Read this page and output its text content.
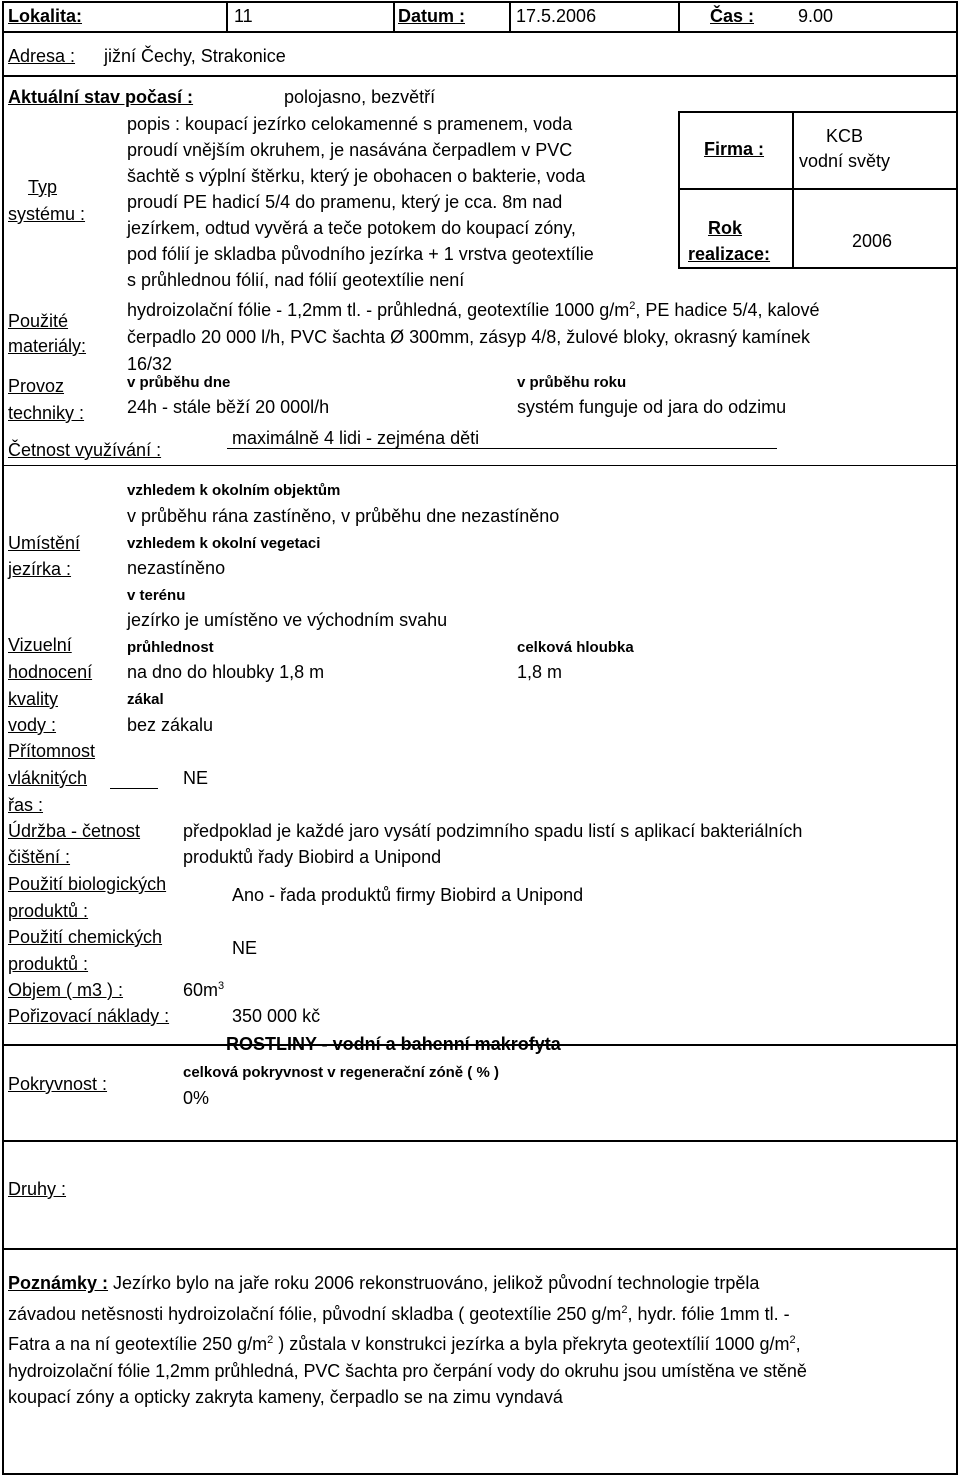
Lokalita:	11	Datum :	17.5.2006	Čas : 9.00
Adresa : jižní Čechy, Strakonice
Aktuální stav počasí :	polojasno, bezvětří
Typ
systému :
popis : koupací jezírko celokamenné s pramenem, voda
proudí vnějším okruhem, je nasávána čerpadlem v PVC
šachtě s výplní štěrku, který je obohacen o bakterie, voda
proudí PE hadicí 5/4 do pramenu, který je cca. 8m nad
jezírkem, odtud vyvěrá a teče potokem do koupací zóny,
pod fólií je skladba původního jezírka + 1 vrstva geotextílie
s průhlednou fólií, nad fólií geotextílie není
Firma :
KCB
vodní světy
Rok
realizace:
2006
Použité
materiály:
hydroizolační fólie - 1,2mm tl. - průhledná, geotextílie 1000 $g/m^2$, PE hadice 5/4, kalové
čerpadlo 20 000 l/h, PVC šachta Ø 300mm, zásyp 4/8, žulové bloky, okrasný kamínek
16/32
Provoz
techniky :
v průběhu dne
24h - stále běží 20 000l/h
v průběhu roku
systém funguje od jara do odzimu
Četnost využívání :
maximálně 4 lidi - zejména děti
Umístění
jezírka :
vzhledem k okolním objektům
v průběhu rána zastíněno, v průběhu dne nezastíněno
vzhledem k okolní vegetaci
nezastíněno
v terénu
jezírko je umístěno ve východním svahu
Vizuelní
hodnocení
kvality
vody :
průhlednost
na dno do hloubky 1,8 m
celková hloubka
1,8 m
zákal
bez zákalu
Přítomnost
vláknitých
řas :
NE
Údržba - četnost
čištění :
předpoklad je každé jaro vysátí podzimního spadu listí s aplikací bakteriálních
produktů řady Biobird a Unipond
Použití biologických
produktů :
Ano - řada produktů firmy Biobird a Unipond
Použití chemických
produktů :
NE
Objem ( m3 ) :	$60m^3$
Pořizovací náklady :	350 000 kč
ROSTLINY - vodní a bahenní makrofyta
Pokryvnost :
celková pokryvnost v regenerační zóně ( % )
0%
Druhy :
Poznámky : Jezírko bylo na jaře roku 2006 rekonstruováno, jelikož původní technologie trpěla
závadou netěsnosti hydroizolační fólie, původní skladba ( geotextílie 250 $g/m^2$, hydr. fólie 1mm tl. -
Fatra a na ní geotextílie 250 $g/m^2$ ) zůstala v konstrukci jezírka a byla překryta geotextílií 1000 $g/m^2$,
hydroizolační fólie 1,2mm průhledná, PVC šachta pro čerpání vody do okruhu jsou umístěna ve stěně
koupací zóny a opticky zakryta kameny, čerpadlo se na zimu vyndavá
